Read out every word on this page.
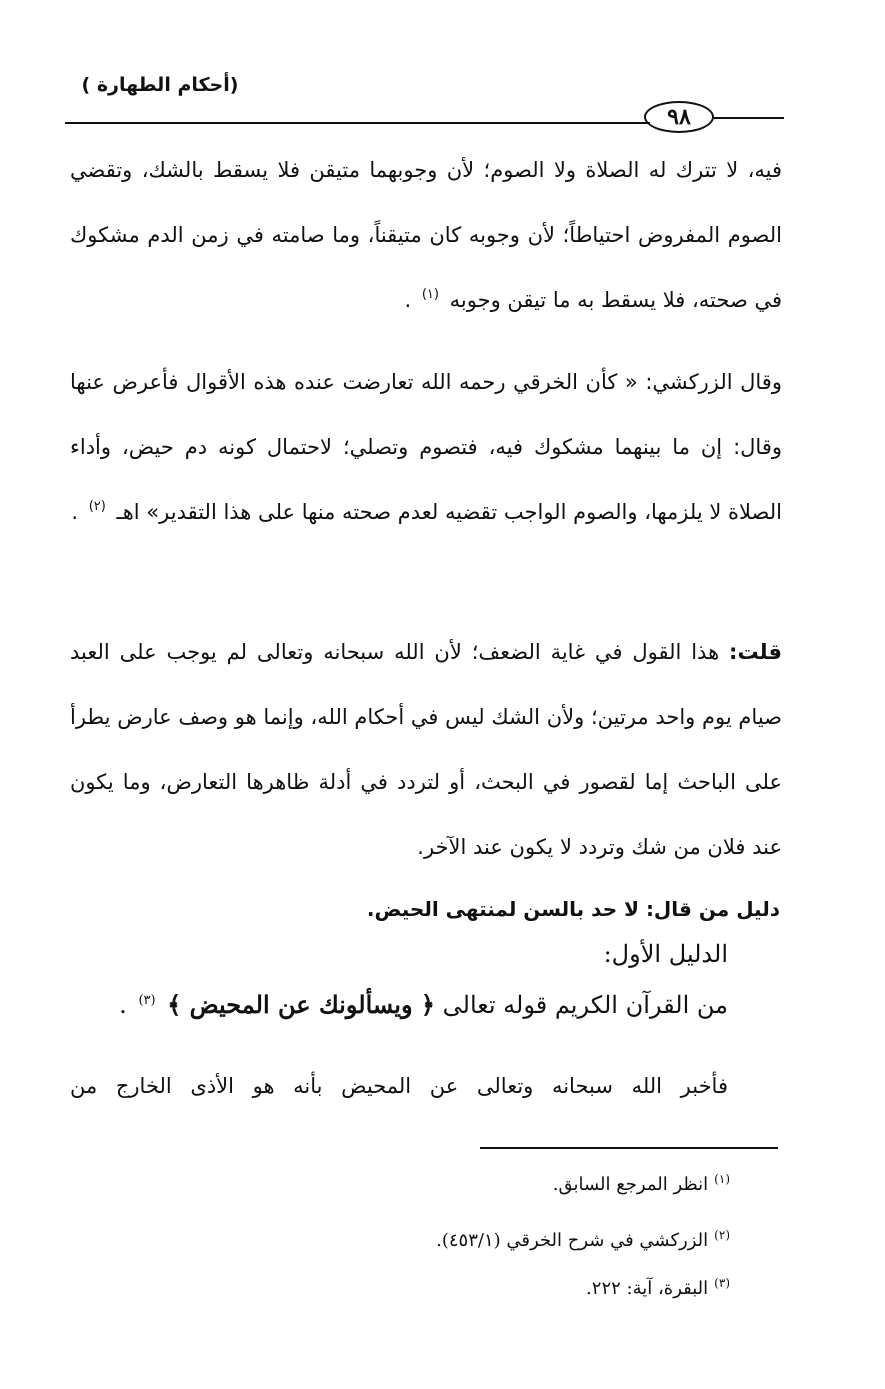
(أحكام الطهارة )
٩٨
فيه، لا تترك له الصلاة ولا الصوم؛ لأن وجوبهما متيقن فلا يسقط بالشك، وتقضي الصوم المفروض احتياطاً؛ لأن وجوبه كان متيقناً، وما صامته في زمن الدم مشكوك في صحته، فلا يسقط به ما تيقن وجوبه $^{(١)}$ .
وقال الزركشي: « كأن الخرقي رحمه الله تعارضت عنده هذه الأقوال فأعرض عنها وقال: إن ما بينهما مشكوك فيه، فتصوم وتصلي؛ لاحتمال كونه دم حيض، وأداء الصلاة لا يلزمها، والصوم الواجب تقضيه لعدم صحته منها على هذا التقدير» اهـ $^{(٢)}$ .
قلت: هذا القول في غاية الضعف؛ لأن الله سبحانه وتعالى لم يوجب على العبد صيام يوم واحد مرتين؛ ولأن الشك ليس في أحكام الله، وإنما هو وصف عارض يطرأ على الباحث إما لقصور في البحث، أو لتردد في أدلة ظاهرها التعارض، وما يكون عند فلان من شك وتردد لا يكون عند الآخر.
دليل من قال: لا حد بالسن لمنتهى الحيض.
الدليل الأول:
من القرآن الكريم قوله تعالى ﴿ ويسألونك عن المحيض ﴾ $^{(٣)}$ .
فأخبر الله سبحانه وتعالى عن المحيض بأنه هو الأذى الخارج من
$^{(١)}$انظر المرجع السابق.
$^{(٢)}$الزركشي في شرح الخرقي (٤٥٣/١).
$^{(٣)}$البقرة، آية: ٢٢٢.
